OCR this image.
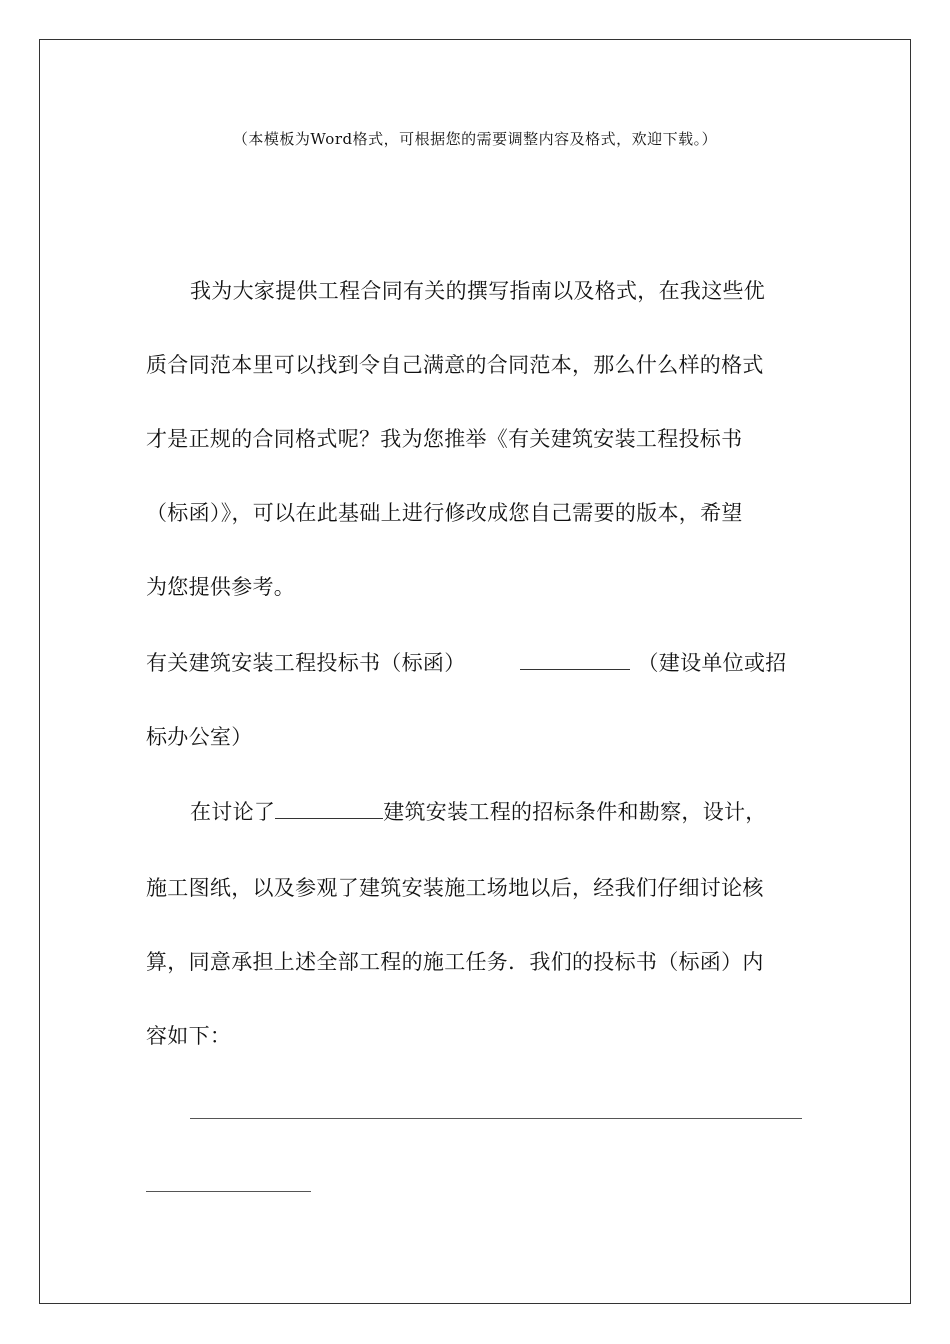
（本模板为Word格式，可根据您的需要调整内容及格式，欢迎下载。）
我为大家提供工程合同有关的撰写指南以及格式，在我这些优
质合同范本里可以找到令自己满意的合同范本，那么什么样的格式
才是正规的合同格式呢？我为您推举《有关建筑安装工程投标书
（标函）》，可以在此基础上进行修改成您自己需要的版本，希望
为您提供参考。
有关建筑安装工程投标书（标函）	（建设单位或招
标办公室）
在讨论了	建筑安装工程的招标条件和勘察，设计，
施工图纸，以及参观了建筑安装施工场地以后，经我们仔细讨论核
算，同意承担上述全部工程的施工任务．我们的投标书（标函）内
容如下：
